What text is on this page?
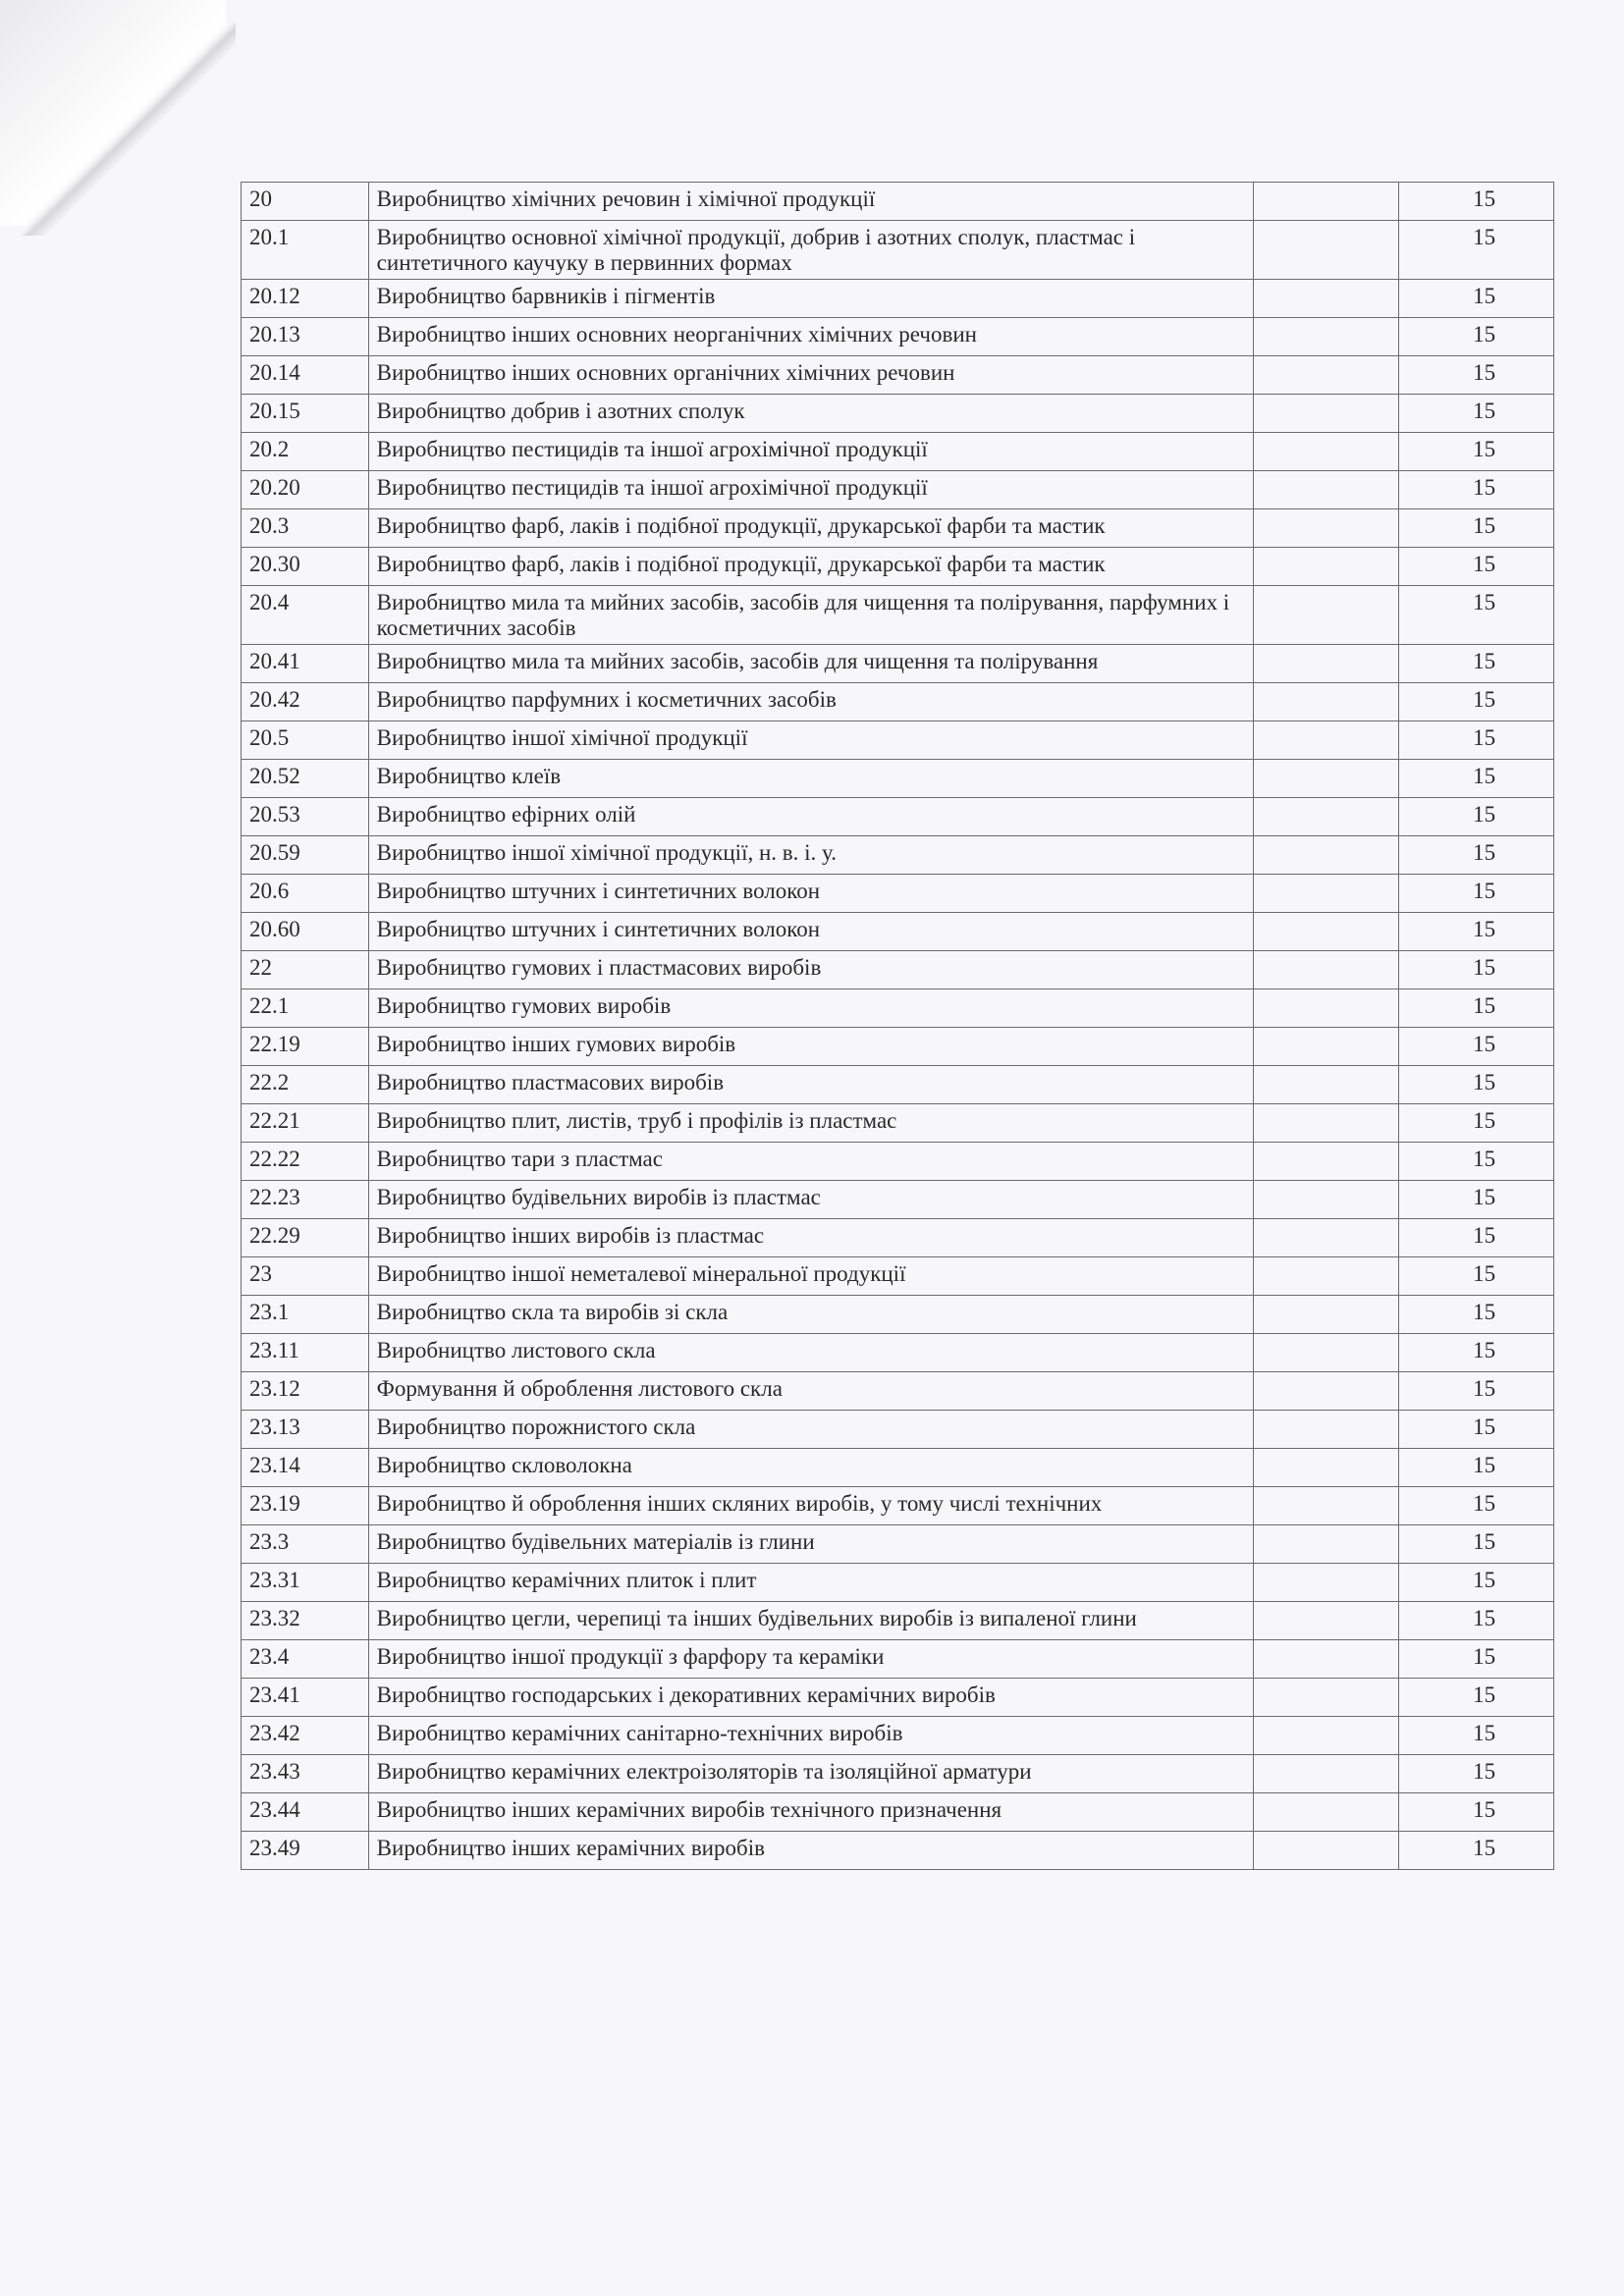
20	Виробництво хімічних речовин і хімічної продукції		15
20.1	Виробництво основної хімічної продукції, добрив і азотних сполук, пластмас і синтетичного каучуку в первинних формах		15
20.12	Виробництво барвників і пігментів		15
20.13	Виробництво інших основних неорганічних хімічних речовин		15
20.14	Виробництво інших основних органічних хімічних речовин		15
20.15	Виробництво добрив і азотних сполук		15
20.2	Виробництво пестицидів та іншої агрохімічної продукції		15
20.20	Виробництво пестицидів та іншої агрохімічної продукції		15
20.3	Виробництво фарб, лаків і подібної продукції, друкарської фарби та мастик		15
20.30	Виробництво фарб, лаків і подібної продукції, друкарської фарби та мастик		15
20.4	Виробництво мила та мийних засобів, засобів для чищення та полірування, парфумних і косметичних засобів		15
20.41	Виробництво мила та мийних засобів, засобів для чищення та полірування		15
20.42	Виробництво парфумних і косметичних засобів		15
20.5	Виробництво іншої хімічної продукції		15
20.52	Виробництво клеїв		15
20.53	Виробництво ефірних олій		15
20.59	Виробництво іншої хімічної продукції, н. в. і. у.		15
20.6	Виробництво штучних і синтетичних волокон		15
20.60	Виробництво штучних і синтетичних волокон		15
22	Виробництво гумових і пластмасових виробів		15
22.1	Виробництво гумових виробів		15
22.19	Виробництво інших гумових виробів		15
22.2	Виробництво пластмасових виробів		15
22.21	Виробництво плит, листів, труб і профілів із пластмас		15
22.22	Виробництво тари з пластмас		15
22.23	Виробництво будівельних виробів із пластмас		15
22.29	Виробництво інших виробів із пластмас		15
23	Виробництво іншої неметалевої мінеральної продукції		15
23.1	Виробництво скла та виробів зі скла		15
23.11	Виробництво листового скла		15
23.12	Формування й оброблення листового скла		15
23.13	Виробництво порожнистого скла		15
23.14	Виробництво скловолокна		15
23.19	Виробництво й оброблення інших скляних виробів, у тому числі технічних		15
23.3	Виробництво будівельних матеріалів із глини		15
23.31	Виробництво керамічних плиток і плит		15
23.32	Виробництво цегли, черепиці та інших будівельних виробів із випаленої глини		15
23.4	Виробництво іншої продукції з фарфору та кераміки		15
23.41	Виробництво господарських і декоративних керамічних виробів		15
23.42	Виробництво керамічних санітарно-технічних виробів		15
23.43	Виробництво керамічних електроізоляторів та ізоляційної арматури		15
23.44	Виробництво інших керамічних виробів технічного призначення		15
23.49	Виробництво інших керамічних виробів		15
